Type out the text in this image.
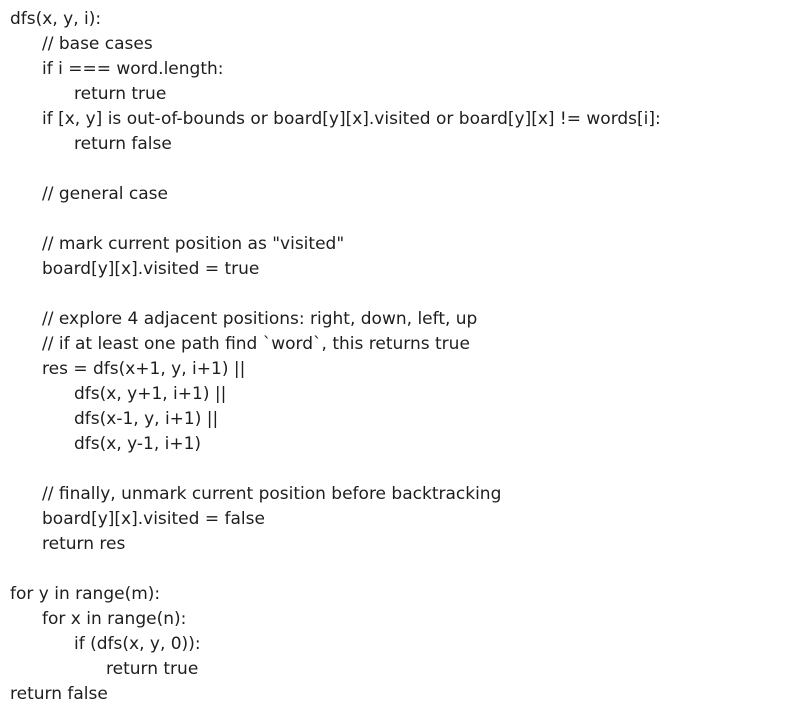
dfs(x, y, i):
// base cases
if i === word.length:
return true
if [x, y] is out-of-bounds or board[y][x].visited or board[y][x] != words[i]:
return false
// general case
// mark current position as "visited"
board[y][x].visited = true
// explore 4 adjacent positions: right, down, left, up
// if at least one path find `word`, this returns true
res = dfs(x+1, y, i+1) ||
dfs(x, y+1, i+1) ||
dfs(x-1, y, i+1) ||
dfs(x, y-1, i+1)
// finally, unmark current position before backtracking
board[y][x].visited = false
return res
for y in range(m):
for x in range(n):
if (dfs(x, y, 0)):
return true
return false
